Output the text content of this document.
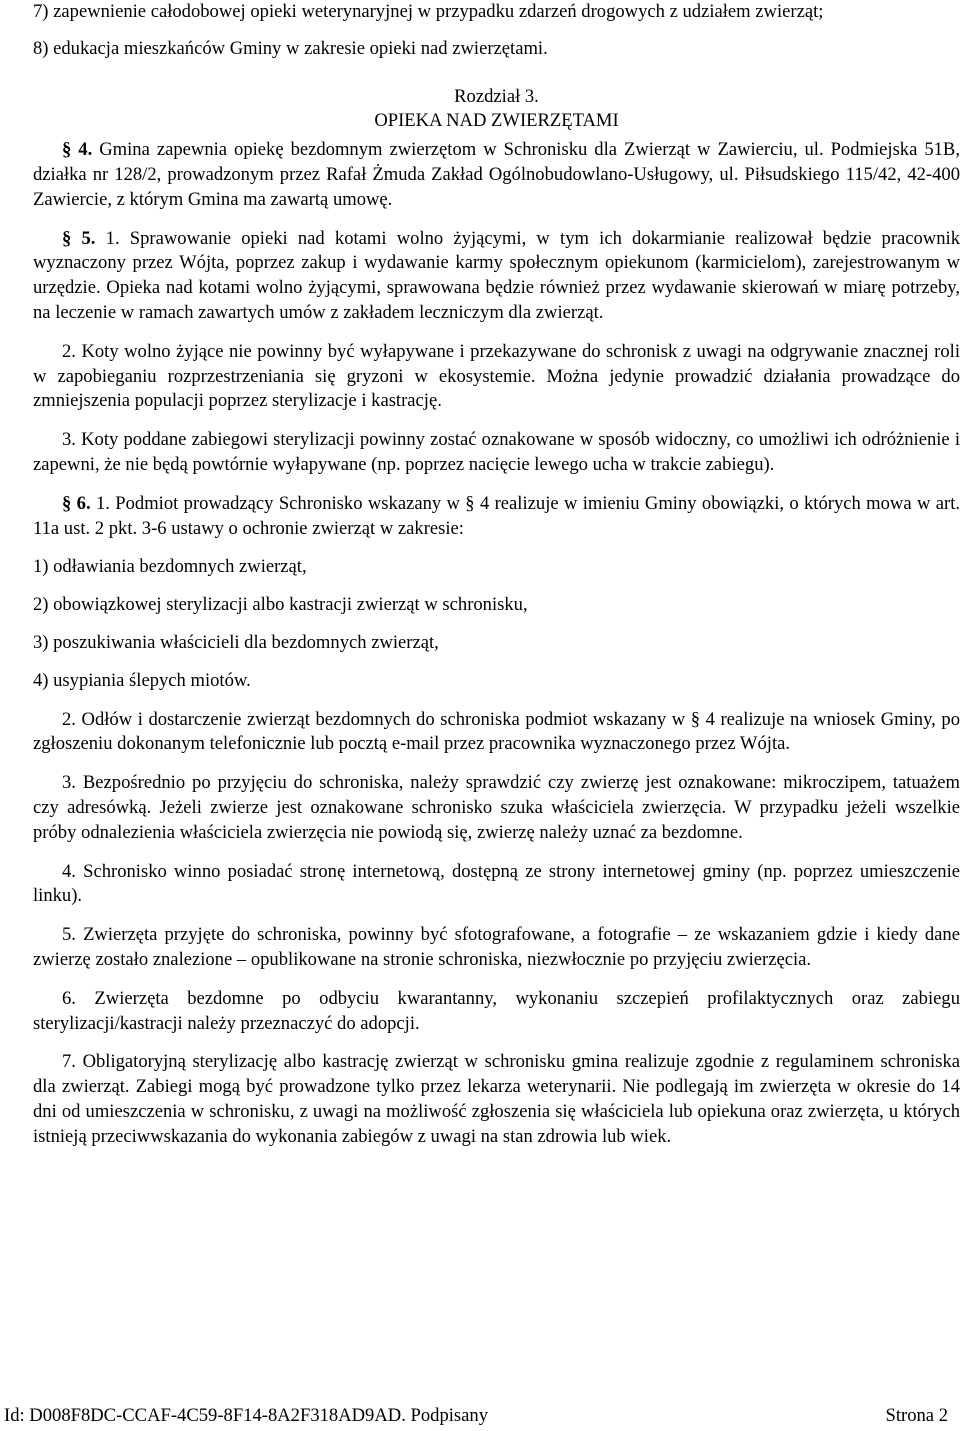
7) zapewnienie całodobowej opieki weterynaryjnej w przypadku zdarzeń drogowych z udziałem zwierząt;

8) edukacja mieszkańców Gminy w zakresie opieki nad zwierzętami.

Rozdział 3.

OPIEKA NAD ZWIERZĘTAMI

§ 4. Gmina zapewnia opiekę bezdomnym zwierzętom w Schronisku dla Zwierząt w Zawierciu, ul. Podmiejska 51B, działka nr 128/2, prowadzonym przez Rafał Żmuda Zakład Ogólnobudowlano-Usługowy, ul. Piłsudskiego 115/42, 42-400 Zawiercie, z którym Gmina ma zawartą umowę.

§ 5. 1. Sprawowanie opieki nad kotami wolno żyjącymi, w tym ich dokarmianie realizował będzie pracownik wyznaczony przez Wójta, poprzez zakup i wydawanie karmy społecznym opiekunom (karmicielom), zarejestrowanym w urzędzie. Opieka nad kotami wolno żyjącymi, sprawowana będzie również przez wydawanie skierowań w miarę potrzeby, na leczenie w ramach zawartych umów z zakładem leczniczym dla zwierząt.

2. Koty wolno żyjące nie powinny być wyłapywane i przekazywane do schronisk z uwagi na odgrywanie znacznej roli w zapobieganiu rozprzestrzeniania się gryzoni w ekosystemie. Można jedynie prowadzić działania prowadzące do zmniejszenia populacji poprzez sterylizacje i kastrację.

3. Koty poddane zabiegowi sterylizacji powinny zostać oznakowane w sposób widoczny, co umożliwi ich odróżnienie i zapewni, że nie będą powtórnie wyłapywane (np. poprzez nacięcie lewego ucha w trakcie zabiegu).

§ 6. 1. Podmiot prowadzący Schronisko wskazany w § 4 realizuje w imieniu Gminy obowiązki, o których mowa w art. 11a ust. 2 pkt. 3-6 ustawy o ochronie zwierząt w zakresie:

1) odławiania bezdomnych zwierząt,

2) obowiązkowej sterylizacji albo kastracji zwierząt w schronisku,

3) poszukiwania właścicieli dla bezdomnych zwierząt,

4) usypiania ślepych miotów.

2. Odłów i dostarczenie zwierząt bezdomnych do schroniska podmiot wskazany w § 4 realizuje na wniosek Gminy, po zgłoszeniu dokonanym telefonicznie lub pocztą e-mail przez pracownika wyznaczonego przez Wójta.

3. Bezpośrednio po przyjęciu do schroniska, należy sprawdzić czy zwierzę jest oznakowane: mikroczipem, tatuażem czy adresówką. Jeżeli zwierze jest oznakowane schronisko szuka właściciela zwierzęcia. W przypadku jeżeli wszelkie próby odnalezienia właściciela zwierzęcia nie powiodą się, zwierzę należy uznać za bezdomne.

4. Schronisko winno posiadać stronę internetową, dostępną ze strony internetowej gminy (np. poprzez umieszczenie linku).

5. Zwierzęta przyjęte do schroniska, powinny być sfotografowane, a fotografie – ze wskazaniem gdzie i kiedy dane zwierzę zostało znalezione – opublikowane na stronie schroniska, niezwłocznie po przyjęciu zwierzęcia.

6. Zwierzęta bezdomne po odbyciu kwarantanny, wykonaniu szczepień profilaktycznych oraz zabiegu sterylizacji/kastracji należy przeznaczyć do adopcji.

7. Obligatoryjną sterylizację albo kastrację zwierząt w schronisku gmina realizuje zgodnie z regulaminem schroniska dla zwierząt. Zabiegi mogą być prowadzone tylko przez lekarza weterynarii. Nie podlegają im zwierzęta w okresie do 14 dni od umieszczenia w schronisku, z uwagi na możliwość zgłoszenia się właściciela lub opiekuna oraz zwierzęta, u których istnieją przeciwwskazania do wykonania zabiegów z uwagi na stan zdrowia lub wiek.

Id: D008F8DC-CCAF-4C59-8F14-8A2F318AD9AD. Podpisany	Strona 2
